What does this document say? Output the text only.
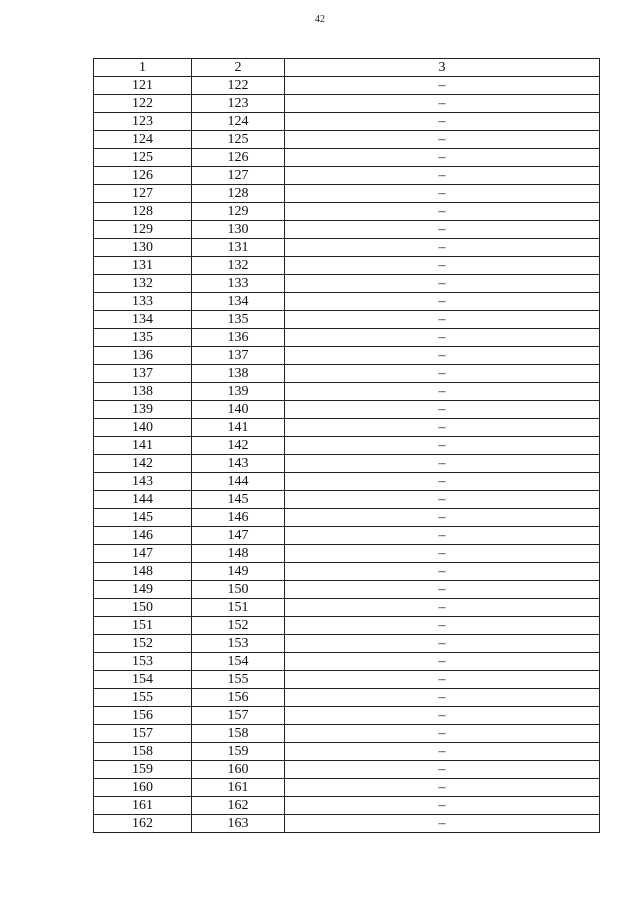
42
1	2	3
121	122	–
122	123	–
123	124	–
124	125	–
125	126	–
126	127	–
127	128	–
128	129	–
129	130	–
130	131	–
131	132	–
132	133	–
133	134	–
134	135	–
135	136	–
136	137	–
137	138	–
138	139	–
139	140	–
140	141	–
141	142	–
142	143	–
143	144	–
144	145	–
145	146	–
146	147	–
147	148	–
148	149	–
149	150	–
150	151	–
151	152	–
152	153	–
153	154	–
154	155	–
155	156	–
156	157	–
157	158	–
158	159	–
159	160	–
160	161	–
161	162	–
162	163	–
